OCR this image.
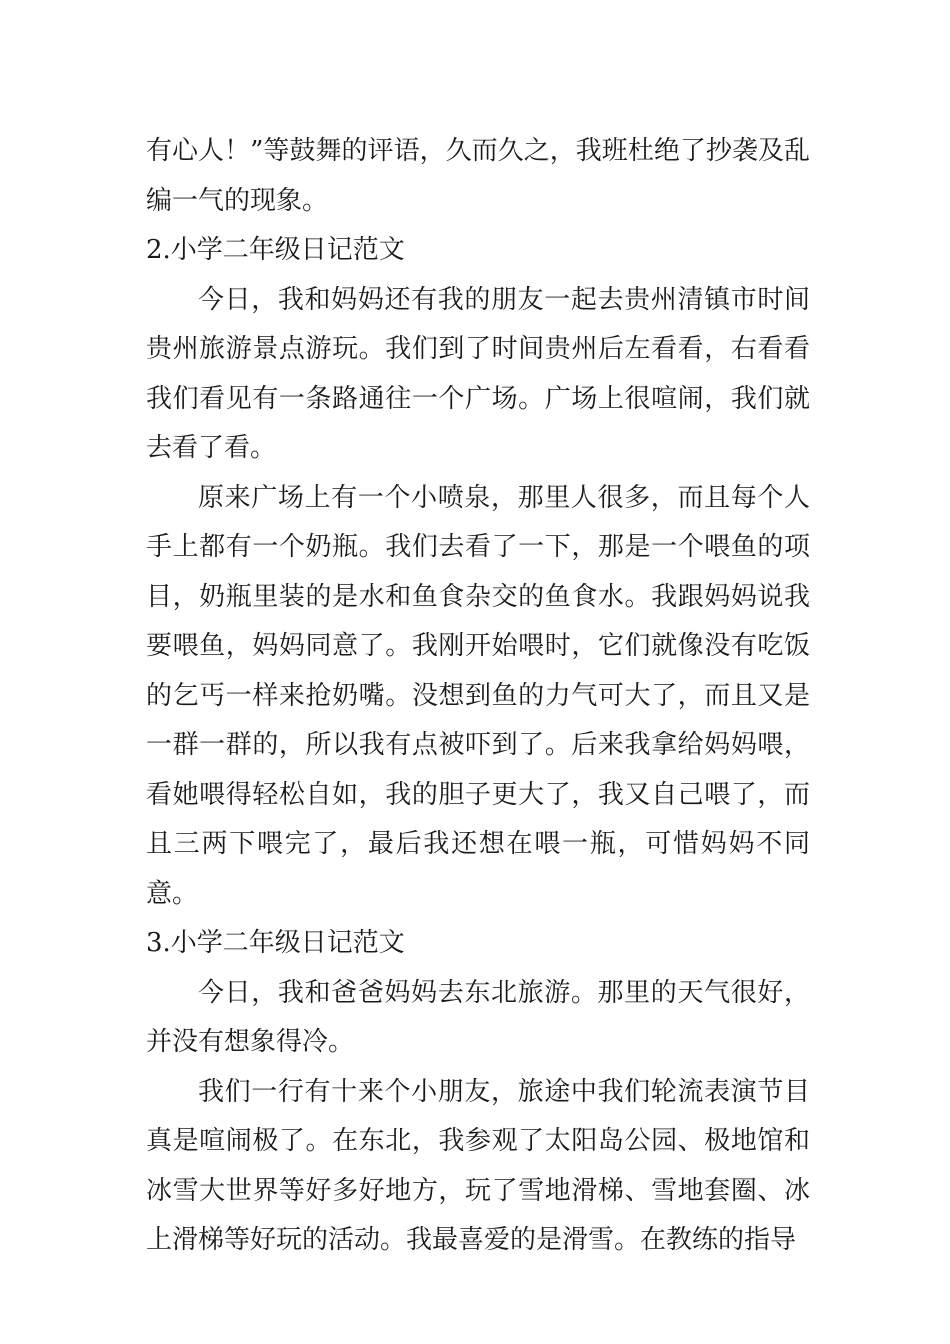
有心人！”等鼓舞的评语，久而久之，我班杜绝了抄袭及乱编一气的现象。

2.小学二年级日记范文

今日，我和妈妈还有我的朋友一起去贵州清镇市时间贵州旅游景点游玩。我们到了时间贵州后左看看，右看看我们看见有一条路通往一个广场。广场上很喧闹，我们就去看了看。

原来广场上有一个小喷泉，那里人很多，而且每个人手上都有一个奶瓶。我们去看了一下，那是一个喂鱼的项目，奶瓶里装的是水和鱼食杂交的鱼食水。我跟妈妈说我要喂鱼，妈妈同意了。我刚开始喂时，它们就像没有吃饭的乞丐一样来抢奶嘴。没想到鱼的力气可大了，而且又是一群一群的，所以我有点被吓到了。后来我拿给妈妈喂，看她喂得轻松自如，我的胆子更大了，我又自己喂了，而且三两下喂完了，最后我还想在喂一瓶，可惜妈妈不同意。

3.小学二年级日记范文

今日，我和爸爸妈妈去东北旅游。那里的天气很好，并没有想象得冷。

我们一行有十来个小朋友，旅途中我们轮流表演节目真是喧闹极了。在东北，我参观了太阳岛公园、极地馆和冰雪大世界等好多好地方，玩了雪地滑梯、雪地套圈、冰上滑梯等好玩的活动。我最喜爱的是滑雪。在教练的指导
